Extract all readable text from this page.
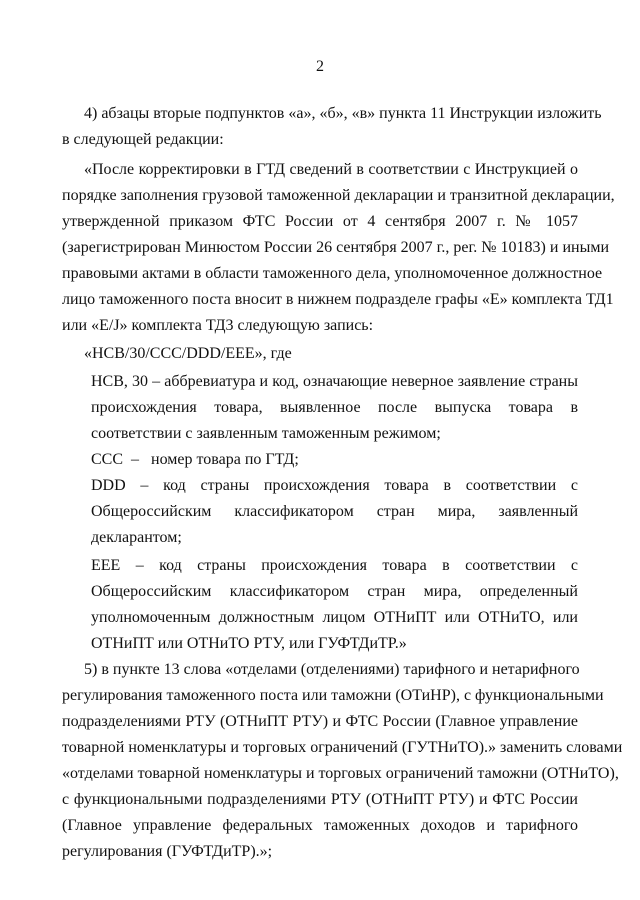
2
4) абзацы вторые подпунктов «а», «б», «в» пункта 11 Инструкции изложить
в следующей редакции:
«После корректировки в ГТД сведений в соответствии с Инструкцией о
порядке заполнения грузовой таможенной декларации и транзитной декларации,
утвержденной приказом ФТС России от 4 сентября 2007 г. № 1057
(зарегистрирован Минюстом России 26 сентября 2007 г., рег. № 10183) и иными
правовыми актами в области таможенного дела, уполномоченное должностное
лицо таможенного поста вносит в нижнем подразделе графы «Е» комплекта ТД1
или «E/J» комплекта ТД3 следующую запись:
«НСВ/30/ССС/DDD/ЕЕЕ», где
НСВ, 30 – аббревиатура и код, означающие неверное заявление страны
происхождения товара, выявленное после выпуска товара в
соответствии с заявленным таможенным режимом;
ССС  –   номер товара по ГТД;
DDD – код страны происхождения товара в соответствии с
Общероссийским классификатором стран мира, заявленный
декларантом;
ЕЕЕ – код страны происхождения товара в соответствии с
Общероссийским классификатором стран мира, определенный
уполномоченным должностным лицом ОТНиПТ или ОТНиТО, или
ОТНиПТ или ОТНиТО РТУ, или ГУФТДиТР.»
5) в пункте 13 слова «отделами (отделениями) тарифного и нетарифного
регулирования таможенного поста или таможни (ОТиНР), с функциональными
подразделениями РТУ (ОТНиПТ РТУ) и ФТС России (Главное управление
товарной номенклатуры и торговых ограничений (ГУТНиТО).» заменить словами
«отделами товарной номенклатуры и торговых ограничений таможни (ОТНиТО),
с функциональными подразделениями РТУ (ОТНиПТ РТУ) и ФТС России
(Главное управление федеральных таможенных доходов и тарифного
регулирования (ГУФТДиТР).»;
